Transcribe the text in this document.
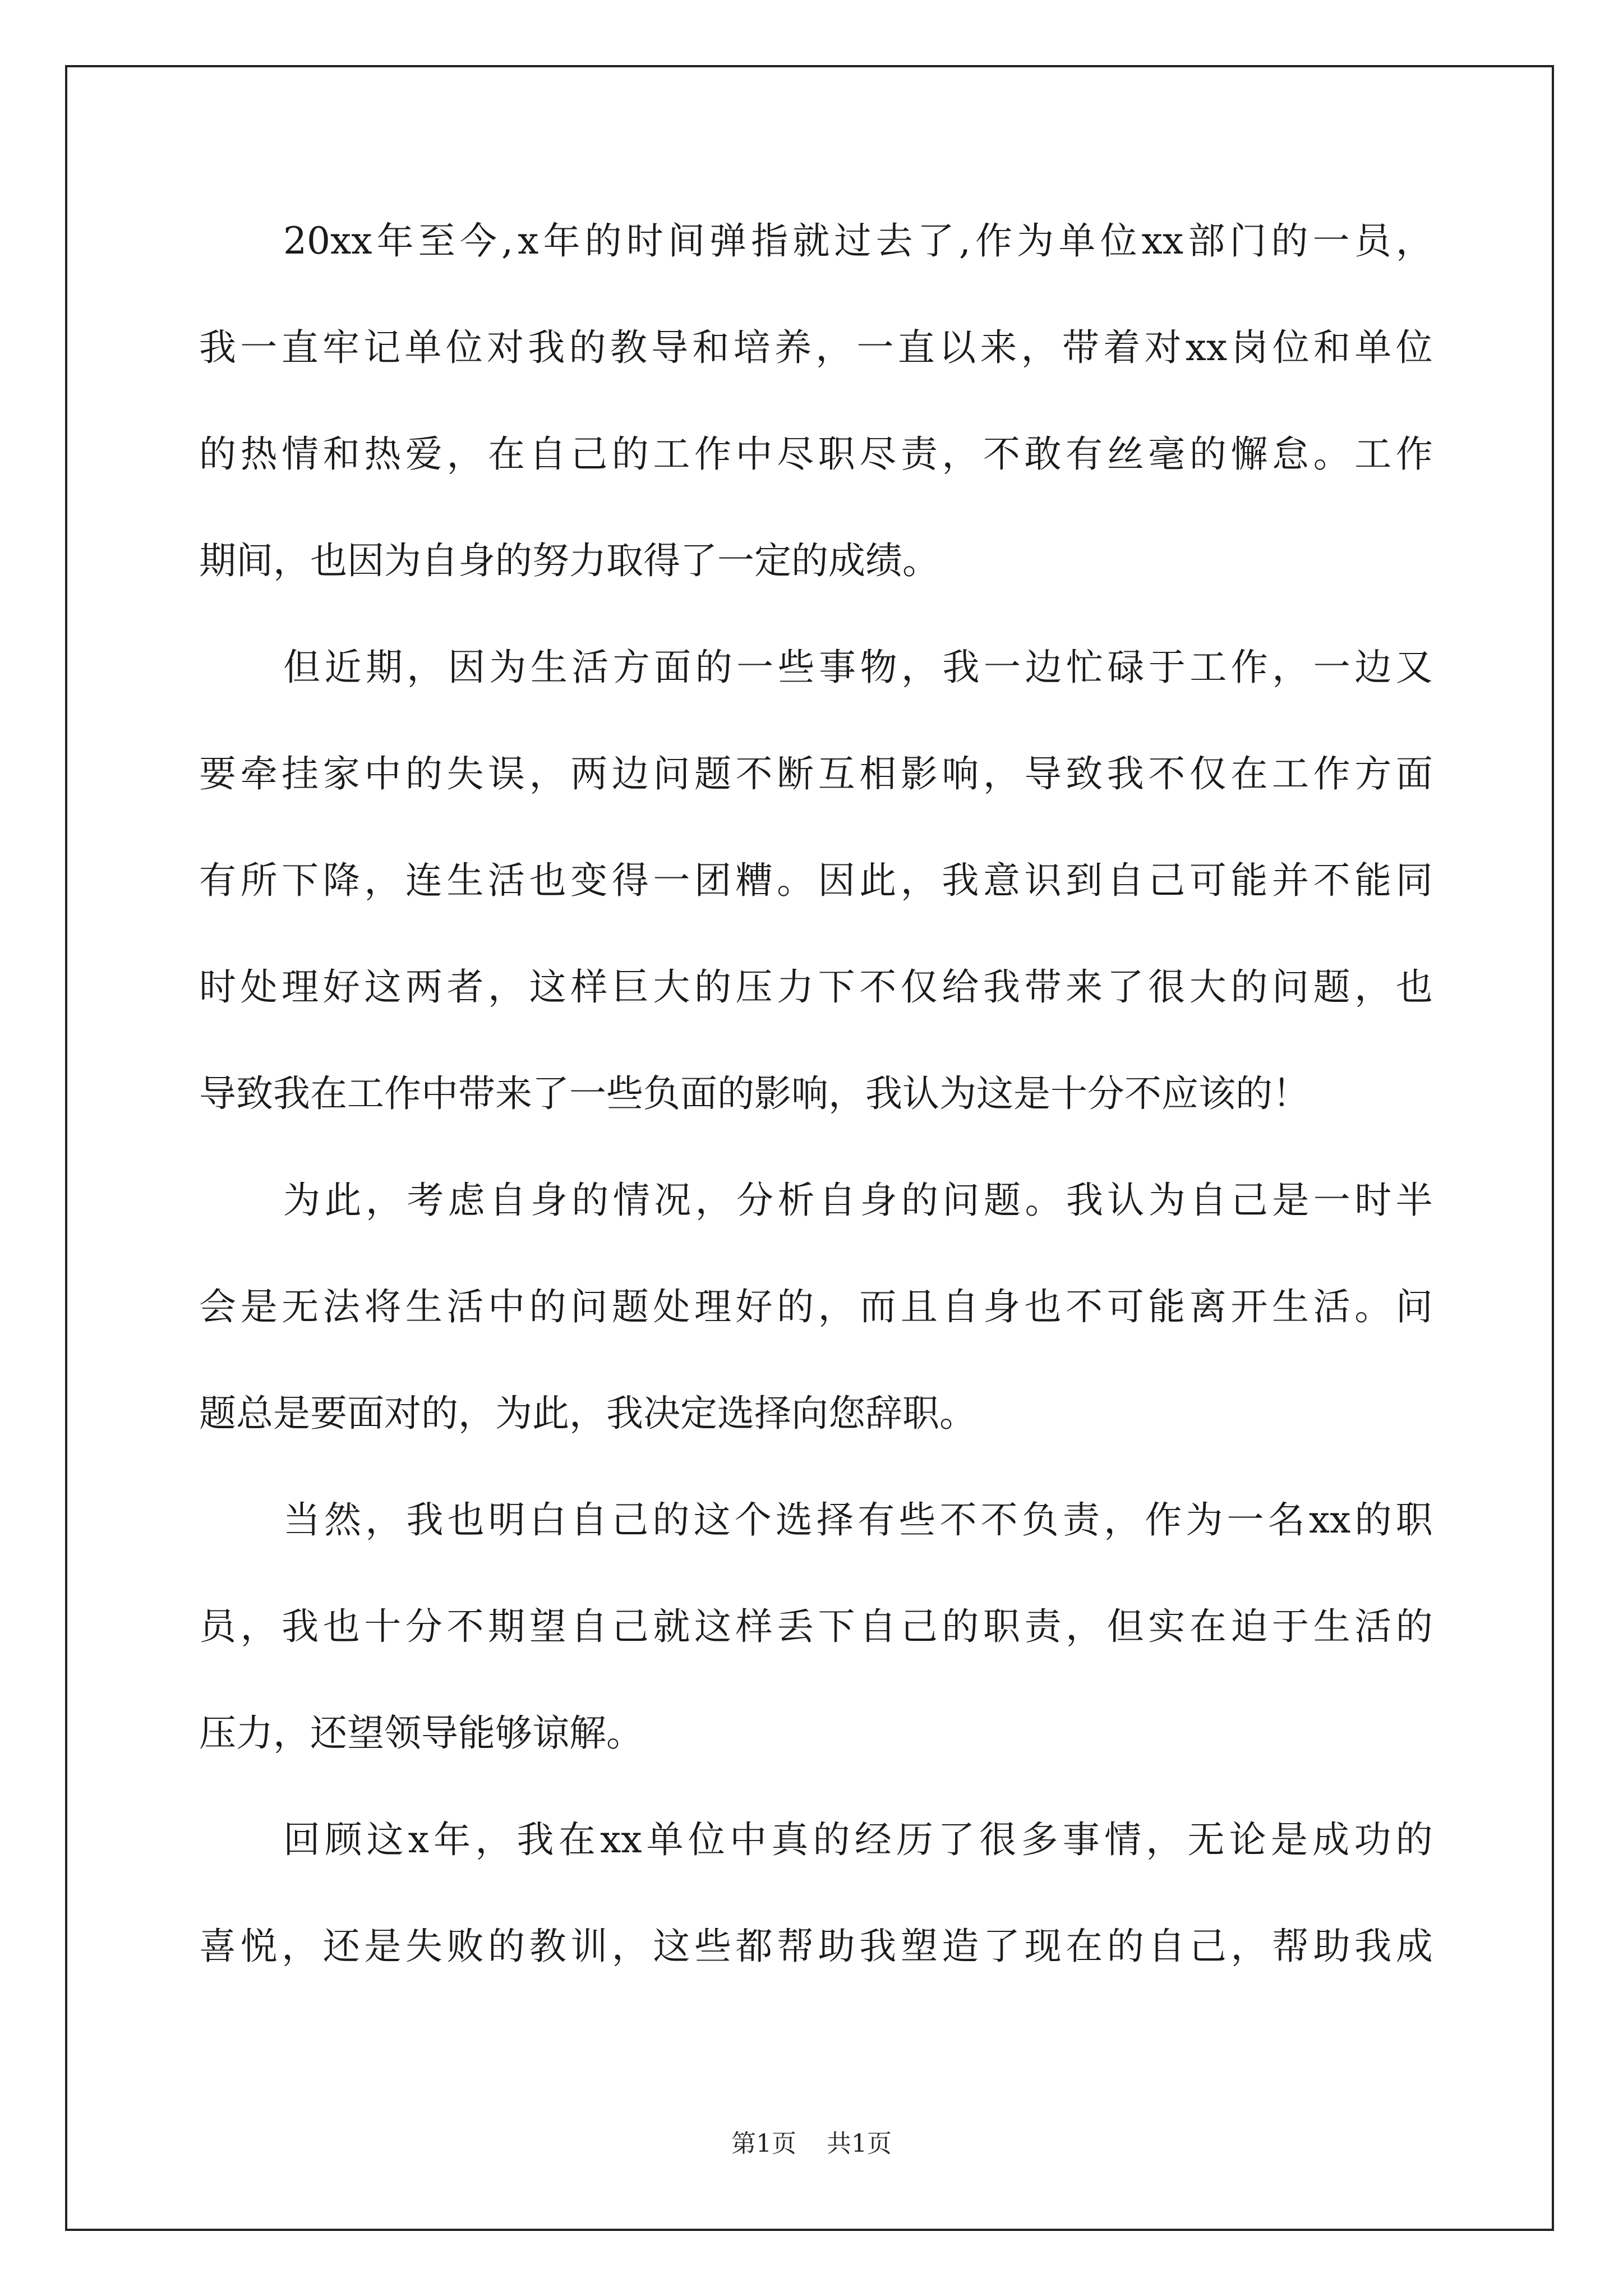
20xx 年 至 今 , x 年 的 时 间 弹 指 就 过 去 了 , 作 为 单 位 xx 部 门 的 一 员 ，
我 一 直 牢 记 单 位 对 我 的 教 导 和 培 养 ， 一 直 以 来 ， 带 着 对 xx 岗 位 和 单 位
的 热 情 和 热 爱 ， 在 自 己 的 工 作 中 尽 职 尽 责 ， 不 敢 有 丝 毫 的 懈 怠 。 工 作
期 间 ， 也 因 为 自 身 的 努 力 取 得 了 一 定 的 成 绩 。
但 近 期 ， 因 为 生 活 方 面 的 一 些 事 物 ， 我 一 边 忙 碌 于 工 作 ， 一 边 又
要 牵 挂 家 中 的 失 误 ， 两 边 问 题 不 断 互 相 影 响 ， 导 致 我 不 仅 在 工 作 方 面
有 所 下 降 ， 连 生 活 也 变 得 一 团 糟 。 因 此 ， 我 意 识 到 自 己 可 能 并 不 能 同
时 处 理 好 这 两 者 ， 这 样 巨 大 的 压 力 下 不 仅 给 我 带 来 了 很 大 的 问 题 ， 也
导 致 我 在 工 作 中 带 来 了 一 些 负 面 的 影 响 ， 我 认 为 这 是 十 分 不 应 该 的 ！
为 此 ， 考 虑 自 身 的 情 况 ， 分 析 自 身 的 问 题 。 我 认 为 自 己 是 一 时 半
会 是 无 法 将 生 活 中 的 问 题 处 理 好 的 ， 而 且 自 身 也 不 可 能 离 开 生 活 。 问
题 总 是 要 面 对 的 ， 为 此 ， 我 决 定 选 择 向 您 辞 职 。
当 然 ， 我 也 明 白 自 己 的 这 个 选 择 有 些 不 不 负 责 ， 作 为 一 名 xx 的 职
员 ， 我 也 十 分 不 期 望 自 己 就 这 样 丢 下 自 己 的 职 责 ， 但 实 在 迫 于 生 活 的
压 力 ， 还 望 领 导 能 够 谅 解 。
回 顾 这 x 年 ， 我 在 xx 单 位 中 真 的 经 历 了 很 多 事 情 ， 无 论 是 成 功 的
喜 悦 ， 还 是 失 败 的 教 训 ， 这 些 都 帮 助 我 塑 造 了 现 在 的 自 己 ， 帮 助 我 成
第1页 共1页
